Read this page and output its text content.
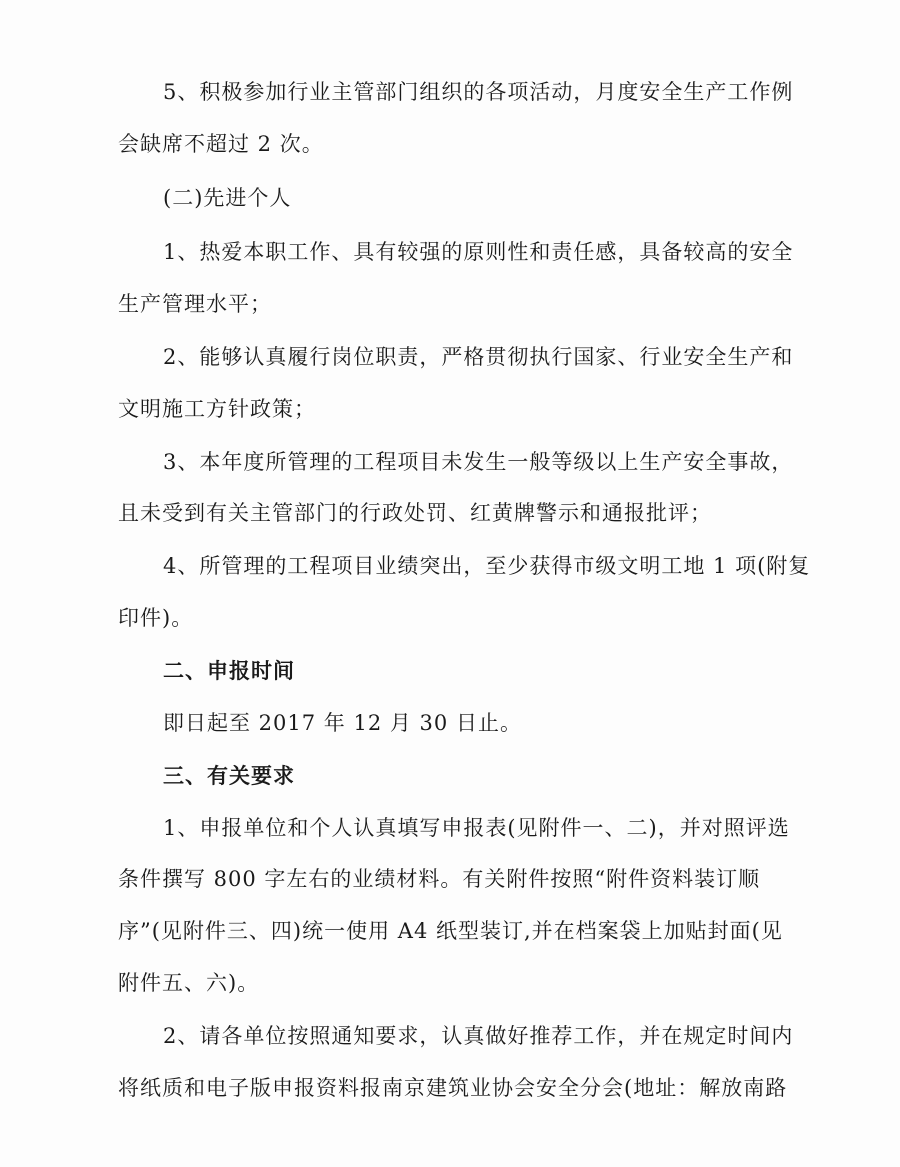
5、积极参加行业主管部门组织的各项活动，月度安全生产工作例
会缺席不超过 2 次。
(二)先进个人
1、热爱本职工作、具有较强的原则性和责任感，具备较高的安全
生产管理水平；
2、能够认真履行岗位职责，严格贯彻执行国家、行业安全生产和
文明施工方针政策；
3、本年度所管理的工程项目未发生一般等级以上生产安全事故，
且未受到有关主管部门的行政处罚、红黄牌警示和通报批评；
4、所管理的工程项目业绩突出，至少获得市级文明工地 1 项(附复
印件)。
二、申报时间
即日起至 2017 年 12 月 30 日止。
三、有关要求
1、申报单位和个人认真填写申报表(见附件一、二)，并对照评选
条件撰写 800 字左右的业绩材料。有关附件按照“附件资料装订顺
序”(见附件三、四)统一使用 A4 纸型装订,并在档案袋上加贴封面(见
附件五、六)。
2、请各单位按照通知要求，认真做好推荐工作，并在规定时间内
将纸质和电子版申报资料报南京建筑业协会安全分会(地址：解放南路
